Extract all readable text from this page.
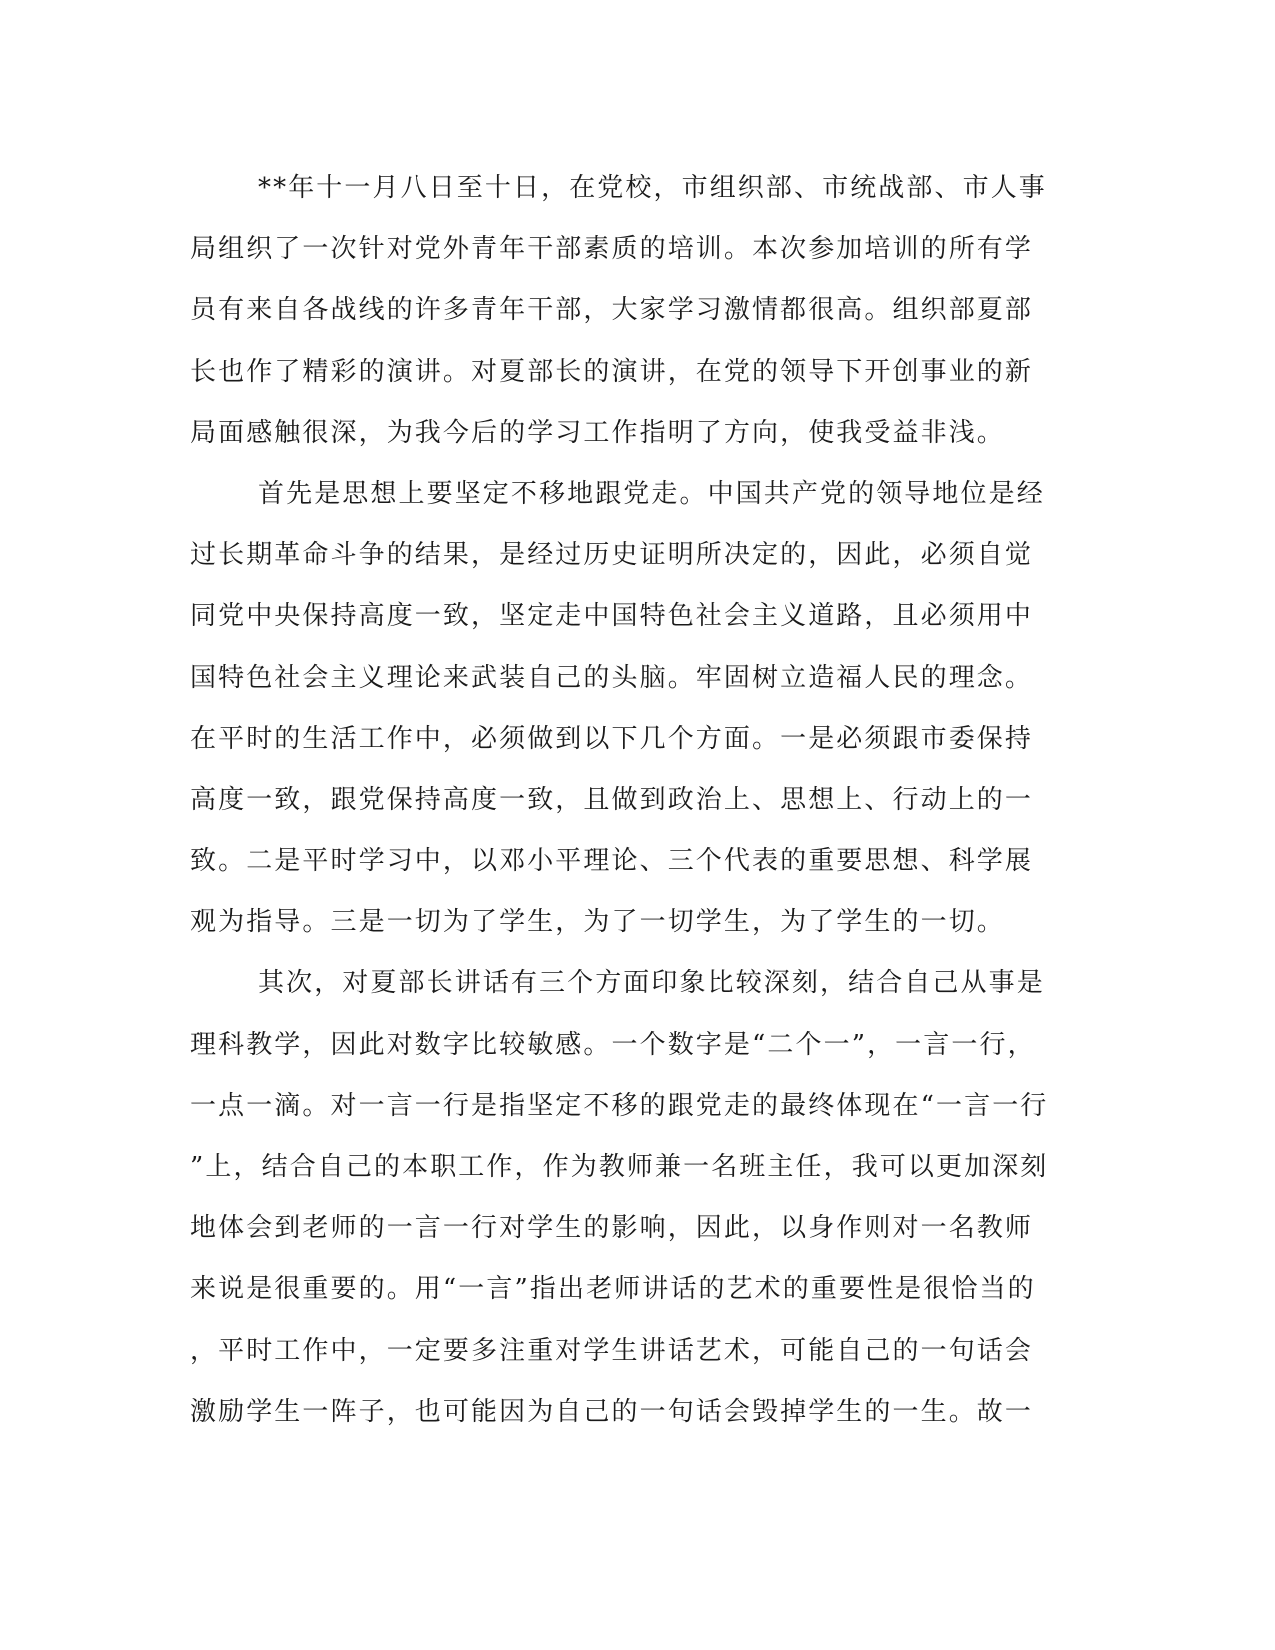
**年十一月八日至十日，在党校，市组织部、市统战部、市人事
局组织了一次针对党外青年干部素质的培训。本次参加培训的所有学
员有来自各战线的许多青年干部，大家学习激情都很高。组织部夏部
长也作了精彩的演讲。对夏部长的演讲，在党的领导下开创事业的新
局面感触很深，为我今后的学习工作指明了方向，使我受益非浅。
首先是思想上要坚定不移地跟党走。中国共产党的领导地位是经
过长期革命斗争的结果，是经过历史证明所决定的，因此，必须自觉
同党中央保持高度一致，坚定走中国特色社会主义道路，且必须用中
国特色社会主义理论来武装自己的头脑。牢固树立造福人民的理念。
在平时的生活工作中，必须做到以下几个方面。一是必须跟市委保持
高度一致，跟党保持高度一致，且做到政治上、思想上、行动上的一
致。二是平时学习中，以邓小平理论、三个代表的重要思想、科学展
观为指导。三是一切为了学生，为了一切学生，为了学生的一切。
其次，对夏部长讲话有三个方面印象比较深刻，结合自己从事是
理科教学，因此对数字比较敏感。一个数字是“二个一”，一言一行，
一点一滴。对一言一行是指坚定不移的跟党走的最终体现在“一言一行
”上，结合自己的本职工作，作为教师兼一名班主任，我可以更加深刻
地体会到老师的一言一行对学生的影响，因此，以身作则对一名教师
来说是很重要的。用“一言”指出老师讲话的艺术的重要性是很恰当的
，平时工作中，一定要多注重对学生讲话艺术，可能自己的一句话会
激励学生一阵子，也可能因为自己的一句话会毁掉学生的一生。故一
